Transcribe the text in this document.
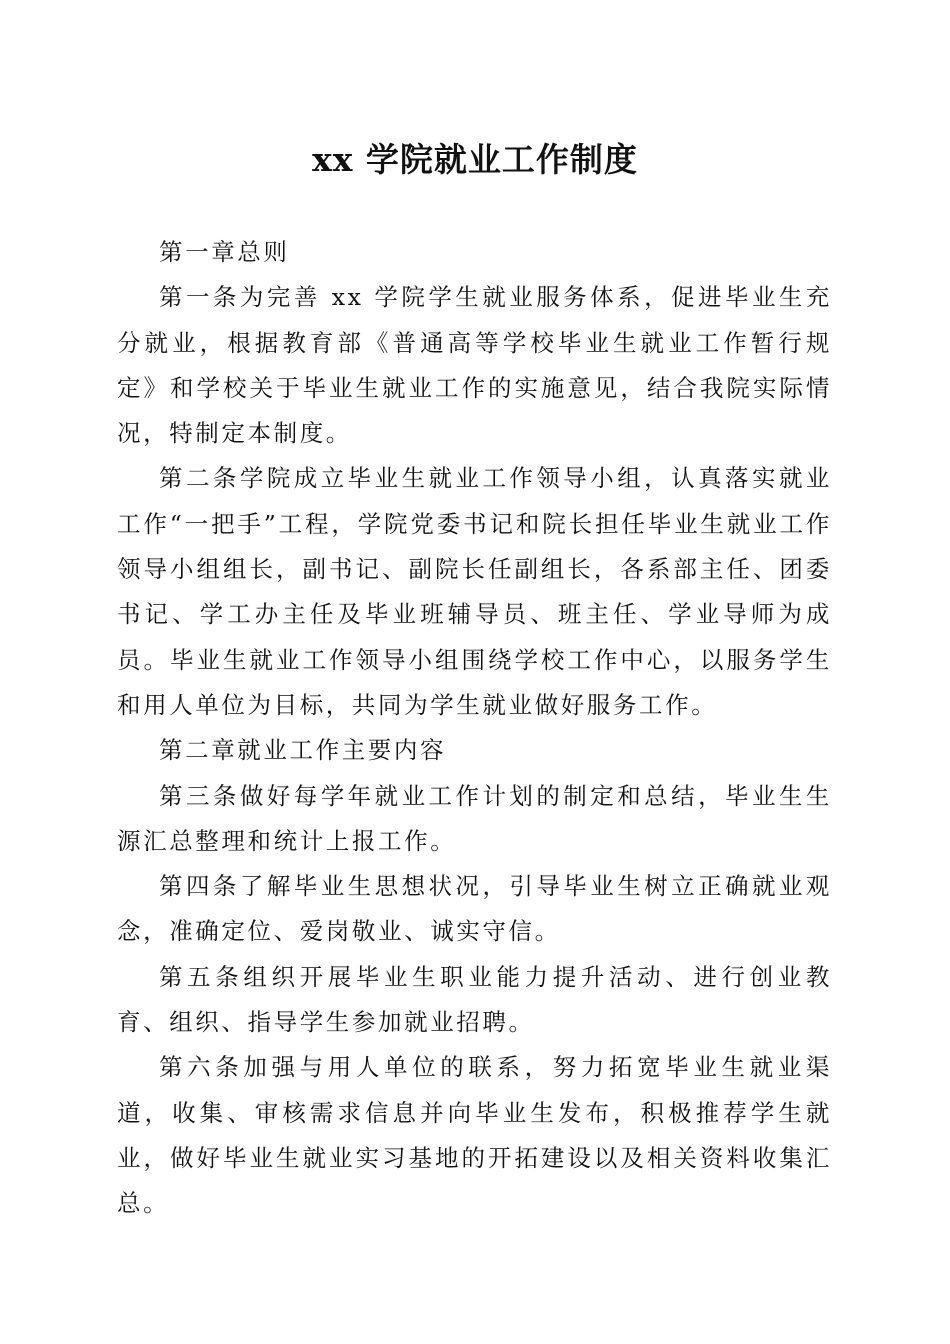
xx 学院就业工作制度

第一章总则

第一条为完善 xx 学院学生就业服务体系，促进毕业生充分就业，根据教育部《普通高等学校毕业生就业工作暂行规定》和学校关于毕业生就业工作的实施意见，结合我院实际情况，特制定本制度。

第二条学院成立毕业生就业工作领导小组，认真落实就业工作“一把手”工程，学院党委书记和院长担任毕业生就业工作领导小组组长，副书记、副院长任副组长，各系部主任、团委书记、学工办主任及毕业班辅导员、班主任、学业导师为成员。毕业生就业工作领导小组围绕学校工作中心，以服务学生和用人单位为目标，共同为学生就业做好服务工作。

第二章就业工作主要内容

第三条做好每学年就业工作计划的制定和总结，毕业生生源汇总整理和统计上报工作。

第四条了解毕业生思想状况，引导毕业生树立正确就业观念，准确定位、爱岗敬业、诚实守信。

第五条组织开展毕业生职业能力提升活动、进行创业教育、组织、指导学生参加就业招聘。

第六条加强与用人单位的联系，努力拓宽毕业生就业渠道，收集、审核需求信息并向毕业生发布，积极推荐学生就业，做好毕业生就业实习基地的开拓建设以及相关资料收集汇总。
